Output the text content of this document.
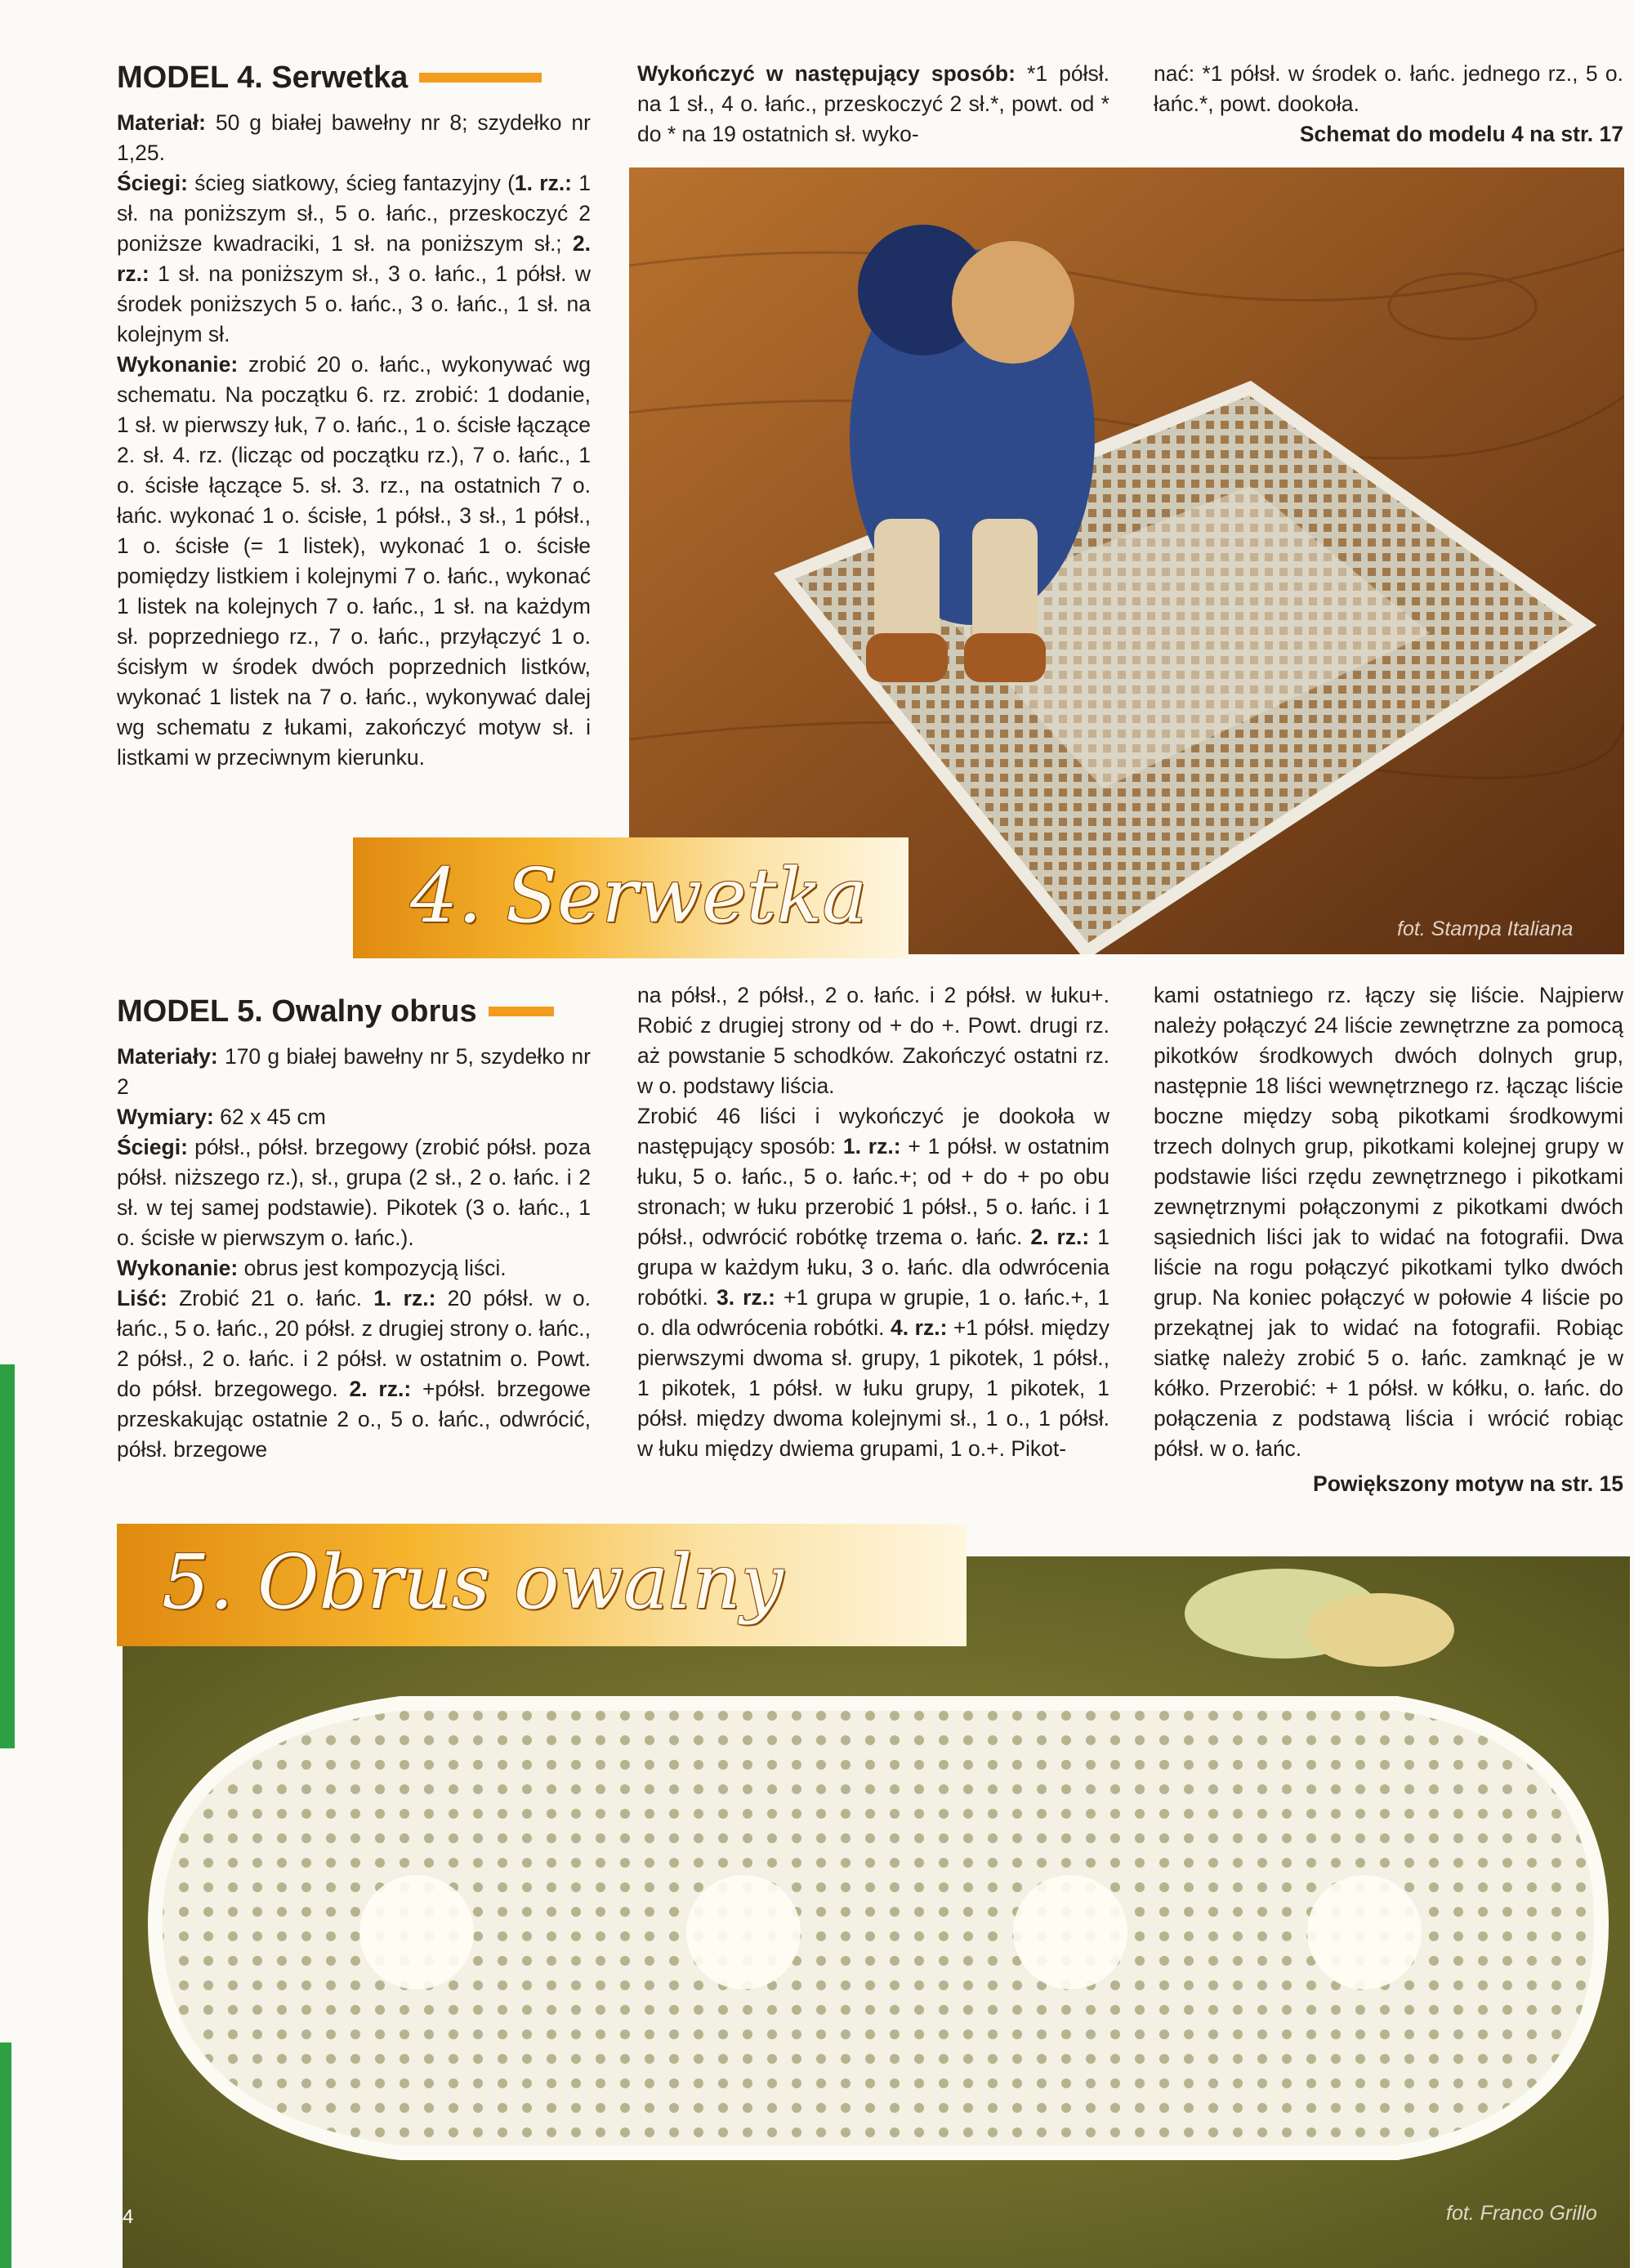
MODEL 4. Serwetka

Materiał: 50 g białej bawełny nr 8; szydełko nr 1,25.

Ściegi: ścieg siatkowy, ścieg fantazyjny (1. rz.: 1 sł. na poniższym sł., 5 o. łańc., przeskoczyć 2 poniższe kwadraciki, 1 sł. na poniższym sł.; 2. rz.: 1 sł. na poniższym sł., 3 o. łańc., 1 półsł. w środek poniższych 5 o. łańc., 3 o. łańc., 1 sł. na kolejnym sł.

Wykonanie: zrobić 20 o. łańc., wykonywać wg schematu. Na początku 6. rz. zrobić: 1 dodanie, 1 sł. w pierwszy łuk, 7 o. łańc., 1 o. ścisłe łączące 2. sł. 4. rz. (licząc od początku rz.), 7 o. łańc., 1 o. ścisłe łączące 5. sł. 3. rz., na ostatnich 7 o. łańc. wykonać 1 o. ścisłe, 1 półsł., 3 sł., 1 półsł., 1 o. ścisłe (= 1 listek), wykonać 1 o. ścisłe pomiędzy listkiem i kolejnymi 7 o. łańc., wykonać 1 listek na kolejnych 7 o. łańc., 1 sł. na każdym sł. poprzedniego rz., 7 o. łańc., przyłączyć 1 o. ścisłym w środek dwóch poprzednich listków, wykonać 1 listek na 7 o. łańc., wykonywać dalej wg schematu z łukami, zakończyć motyw sł. i listkami w przeciwnym kierunku.

Wykończyć w następujący sposób: *1 półsł. na 1 sł., 4 o. łańc., przeskoczyć 2 sł.*, powt. od * do * na 19 ostatnich sł. wyko-

nać: *1 półsł. w środek o. łańc. jednego rz., 5 o. łańc.*, powt. dookoła.

Schemat do modelu 4 na str. 17

fot. Stampa Italiana
4. Serwetka
MODEL 5. Owalny obrus

Materiały: 170 g białej bawełny nr 5, szydełko nr 2

Wymiary: 62 x 45 cm

Ściegi: półsł., półsł. brzegowy (zrobić półsł. poza półsł. niższego rz.), sł., grupa (2 sł., 2 o. łańc. i 2 sł. w tej samej podstawie). Pikotek (3 o. łańc., 1 o. ścisłe w pierwszym o. łańc.).

Wykonanie: obrus jest kompozycją liści.

Liść: Zrobić 21 o. łańc. 1. rz.: 20 półsł. w o. łańc., 5 o. łańc., 20 półsł. z drugiej strony o. łańc., 2 półsł., 2 o. łańc. i 2 półsł. w ostatnim o. Powt. do półsł. brzegowego. 2. rz.: +półsł. brzegowe przeskakując ostatnie 2 o., 5 o. łańc., odwrócić, półsł. brzegowe

na półsł., 2 półsł., 2 o. łańc. i 2 półsł. w łuku+. Robić z drugiej strony od + do +. Powt. drugi rz. aż powstanie 5 schodków. Zakończyć ostatni rz. w o. podstawy liścia.

Zrobić 46 liści i wykończyć je dookoła w następujący sposób: 1. rz.: + 1 półsł. w ostatnim łuku, 5 o. łańc., 5 o. łańc.+; od + do + po obu stronach; w łuku przerobić 1 półsł., 5 o. łańc. i 1 półsł., odwrócić robótkę trzema o. łańc. 2. rz.: 1 grupa w każdym łuku, 3 o. łańc. dla odwrócenia robótki. 3. rz.: +1 grupa w grupie, 1 o. łańc.+, 1 o. dla odwrócenia robótki. 4. rz.: +1 półsł. między pierwszymi dwoma sł. grupy, 1 pikotek, 1 półsł., 1 pikotek, 1 półsł. w łuku grupy, 1 pikotek, 1 półsł. między dwoma kolejnymi sł., 1 o., 1 półsł. w łuku między dwiema grupami, 1 o.+. Pikot-

kami ostatniego rz. łączy się liście. Najpierw należy połączyć 24 liście zewnętrzne za pomocą pikotków środkowych dwóch dolnych grup, następnie 18 liści wewnętrznego rz. łącząc liście boczne między sobą pikotkami środkowymi trzech dolnych grup, pikotkami kolejnej grupy w podstawie liści rzędu zewnętrznego i pikotkami zewnętrznymi połączonymi z pikotkami dwóch sąsiednich liści jak to widać na fotografii. Dwa liście na rogu połączyć pikotkami tylko dwóch grup. Na koniec połączyć w połowie 4 liście po przekątnej jak to widać na fotografii. Robiąc siatkę należy zrobić 5 o. łańc. zamknąć je w kółko. Przerobić: + 1 półsł. w kółku, o. łańc. do połączenia z podstawą liścia i wrócić robiąc półsł. w o. łańc.

Powiększony motyw na str. 15

fot. Franco Grillo
5. Obrus owalny
4
